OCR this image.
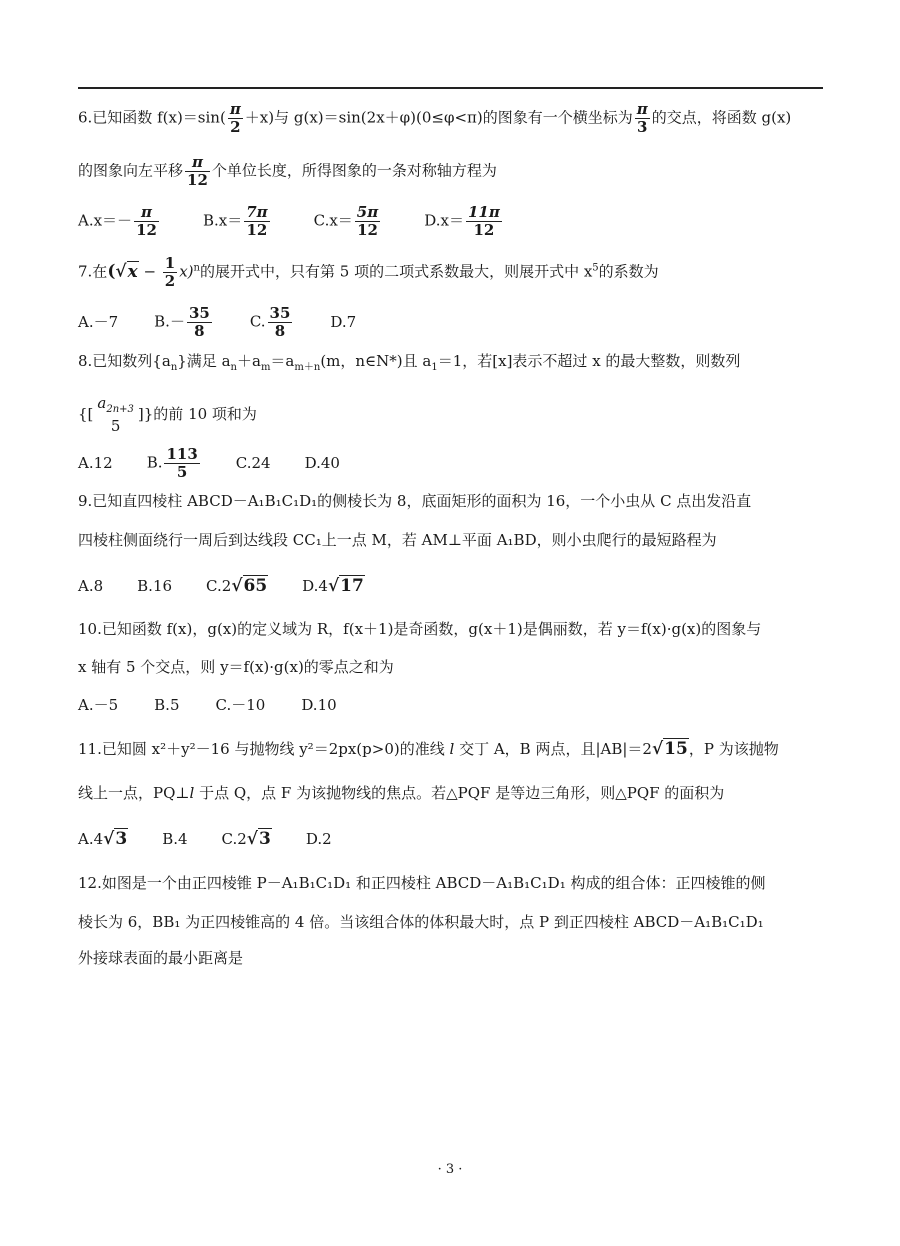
6.已知函数 $f(x)=\sin( \frac{\pi}{2} +x)$与 g(x)＝sin(2x＋φ)(0≤φ<π)的图象有一个横坐标为 $\frac{\pi}{3}$ 的交点，将函数 g(x)
的图象向左平移 $\frac{\pi}{12}$ 个单位长度，所得图象的一条对称轴方程为
$A.x=- \frac{\pi}{12}$	$B.x= \frac{7\pi}{12}$	$C.x= \frac{5\pi}{12}$	$D.x= \frac{11\pi}{12}$
7.在$(√x - \frac{1}{2} x)^n$的展开式中，只有第 5 项的二项式系数最大，则展开式中 $x^5$的系数为
A.－7 $B.- \frac{35}{8}$	C. $\frac{35}{8}$	D.7
8.已知数列$\{a_n\}$满足 $a_n+a_m=a_{m+n}(m$，n∈N*)且 $a_1=1$，若[x]表示不超过 x 的最大整数，则数列
{[
$a_{2n+3}$
5
]}的前 10 项和为
A.12 B. $\frac{113}{5} C.24$ D.40
9.已知直四棱柱 ABCD－A₁B₁C₁D₁的侧棱长为 8，底面矩形的面积为 16，一个小虫从 C 点出发沿直
四棱柱侧面绕行一周后到达线段 CC₁上一点 M，若 AM⊥平面 A₁BD，则小虫爬行的最短路程为
A.8 B.16 C.2√65 D.4√17
10.已知函数 f(x)，g(x)的定义域为 R，f(x＋1)是奇函数，g(x＋1)是偶丽数，若 y＝f(x)·g(x)的图象与
x 轴有 5 个交点，则 y＝f(x)·g(x)的零点之和为
A.－5 B.5 C.－10 D.10
11.已知圆 x²＋y²－16 与抛物线 y²＝2px(p>0)的准线 l 交丁 A，B 两点，且|AB|＝2√15，P 为该抛物
线上一点，PQ⊥l 于点 Q，点 F 为该抛物线的焦点。若△PQF 是等边三角形，则△PQF 的面积为
A.4√3 B.4 C.2√3 D.2
12.如图是一个由正四棱锥 P－A₁B₁C₁D₁ 和正四棱柱 ABCD－A₁B₁C₁D₁ 构成的组合体：正四棱锥的侧
棱长为 6，BB₁ 为正四棱锥高的 4 倍。当该组合体的体积最大时，点 P 到正四棱柱 ABCD－A₁B₁C₁D₁
外接球表面的最小距离是
· 3 ·
